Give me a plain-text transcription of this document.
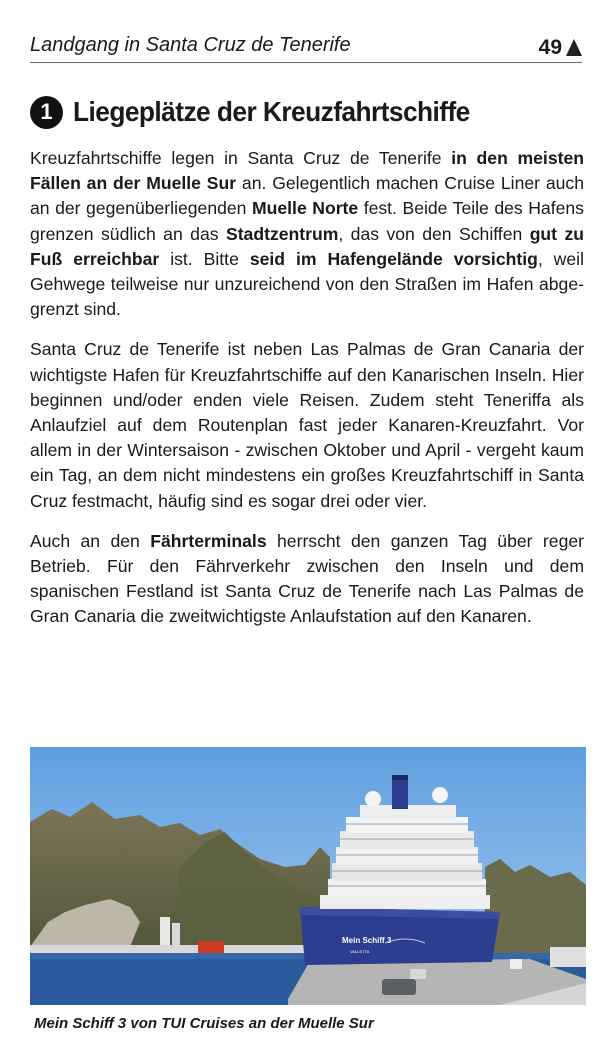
Landgang in Santa Cruz de Tenerife	49
1 Liegeplätze der Kreuzfahrtschiffe

Kreuzfahrtschiffe legen in Santa Cruz de Tenerife in den meisten Fällen an der Muelle Sur an. Gelegentlich machen Cruise Liner auch an der gegenüberliegenden Muelle Norte fest. Beide Teile des Hafens grenzen südlich an das Stadtzentrum, das von den Schiffen gut zu Fuß erreichbar ist. Bitte seid im Hafengelände vorsichtig, weil Gehwege teilweise nur unzureichend von den Straßen im Hafen abgegrenzt sind.

Santa Cruz de Tenerife ist neben Las Palmas de Gran Canaria der wichtigste Hafen für Kreuzfahrtschiffe auf den Kanarischen Inseln. Hier beginnen und/oder enden viele Reisen. Zudem steht Teneriffa als Anlaufziel auf dem Routenplan fast jeder Kanaren-Kreuzfahrt. Vor allem in der Wintersaison - zwischen Oktober und April - vergeht kaum ein Tag, an dem nicht mindestens ein großes Kreuzfahrtschiff in Santa Cruz festmacht, häufig sind es sogar drei oder vier.

Auch an den Fährterminals herrscht den ganzen Tag über reger Betrieb. Für den Fährverkehr zwischen den Inseln und dem spanischen Festland ist Santa Cruz de Tenerife nach Las Palmas de Gran Canaria die zweitwichtigste Anlaufstation auf den Kanaren.

Mein Schiff 3
VALLETTA
Mein Schiff 3 von TUI Cruises an der Muelle Sur
